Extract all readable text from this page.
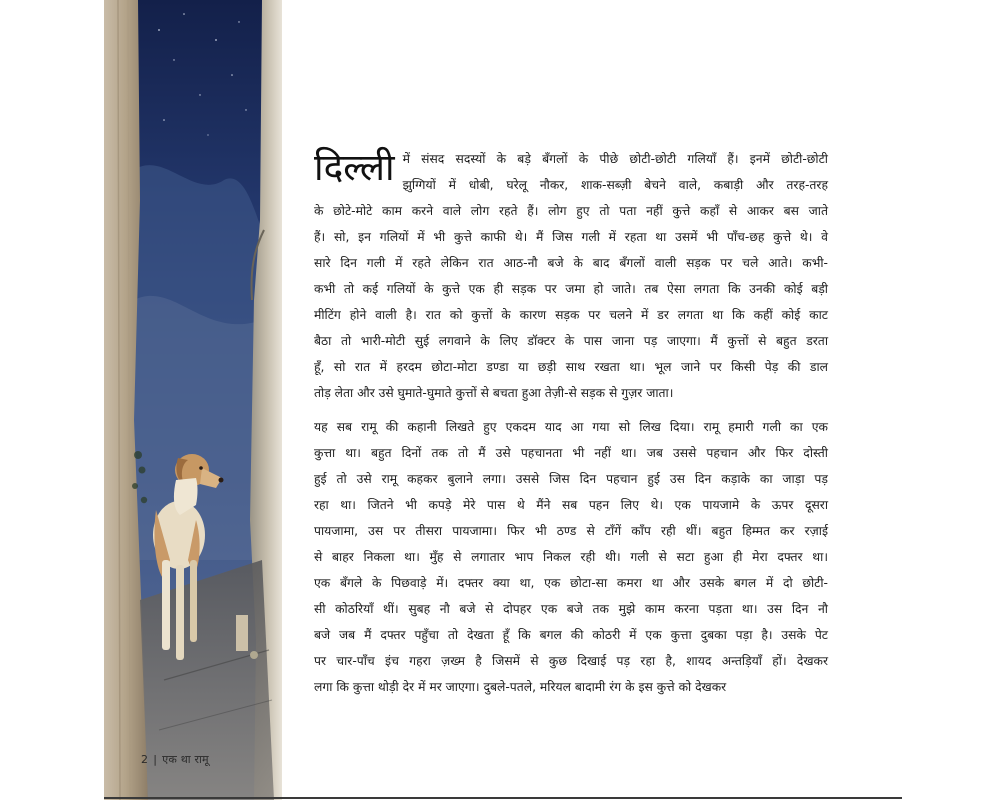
दिल्ली में संसद सदस्यों के बड़े बँगलों के पीछे छोटी-छोटी गलियाँ हैं। इनमें छोटी-छोटी
झुग्गियों में धोबी, घरेलू नौकर, शाक-सब्ज़ी बेचने वाले, कबाड़ी और तरह-तरह
के छोटे-मोटे काम करने वाले लोग रहते हैं। लोग हुए तो पता नहीं कुत्ते कहाँ से आकर बस जाते
हैं। सो, इन गलियों में भी कुत्ते काफी थे। मैं जिस गली में रहता था उसमें भी पाँच-छह कुत्ते थे। वे
सारे दिन गली में रहते लेकिन रात आठ-नौ बजे के बाद बँगलों वाली सड़क पर चले आते। कभी-
कभी तो कई गलियों के कुत्ते एक ही सड़क पर जमा हो जाते। तब ऐसा लगता कि उनकी कोई बड़ी
मीटिंग होने वाली है। रात को कुत्तों के कारण सड़क पर चलने में डर लगता था कि कहीं कोई काट
बैठा तो भारी-मोटी सुई लगवाने के लिए डॉक्टर के पास जाना पड़ जाएगा। मैं कुत्तों से बहुत डरता
हूँ, सो रात में हरदम छोटा-मोटा डण्डा या छड़ी साथ रखता था। भूल जाने पर किसी पेड़ की डाल
तोड़ लेता और उसे घुमाते-घुमाते कुत्तों से बचता हुआ तेज़ी-से सड़क से गुज़र जाता।
यह सब रामू की कहानी लिखते हुए एकदम याद आ गया सो लिख दिया। रामू हमारी गली का एक
कुत्ता था। बहुत दिनों तक तो मैं उसे पहचानता भी नहीं था। जब उससे पहचान और फिर दोस्ती
हुई तो उसे रामू कहकर बुलाने लगा। उससे जिस दिन पहचान हुई उस दिन कड़ाके का जाड़ा पड़
रहा था। जितने भी कपड़े मेरे पास थे मैंने सब पहन लिए थे। एक पायजामे के ऊपर दूसरा
पायजामा, उस पर तीसरा पायजामा। फिर भी ठण्ड से टाँगें काँप रही थीं। बहुत हिम्मत कर रज़ाई
से बाहर निकला था। मुँह से लगातार भाप निकल रही थी। गली से सटा हुआ ही मेरा दफ्तर था।
एक बँगले के पिछवाड़े में। दफ्तर क्या था, एक छोटा-सा कमरा था और उसके बगल में दो छोटी-
सी कोठरियाँ थीं। सुबह नौ बजे से दोपहर एक बजे तक मुझे काम करना पड़ता था। उस दिन नौ
बजे जब मैं दफ्तर पहुँचा तो देखता हूँ कि बगल की कोठरी में एक कुत्ता दुबका पड़ा है। उसके पेट
पर चार-पाँच इंच गहरा ज़ख्म है जिसमें से कुछ दिखाई पड़ रहा है, शायद अन्तड़ियाँ हों। देखकर
लगा कि कुत्ता थोड़ी देर में मर जाएगा। दुबले-पतले, मरियल बादामी रंग के इस कुत्ते को देखकर
2 | एक था रामू
